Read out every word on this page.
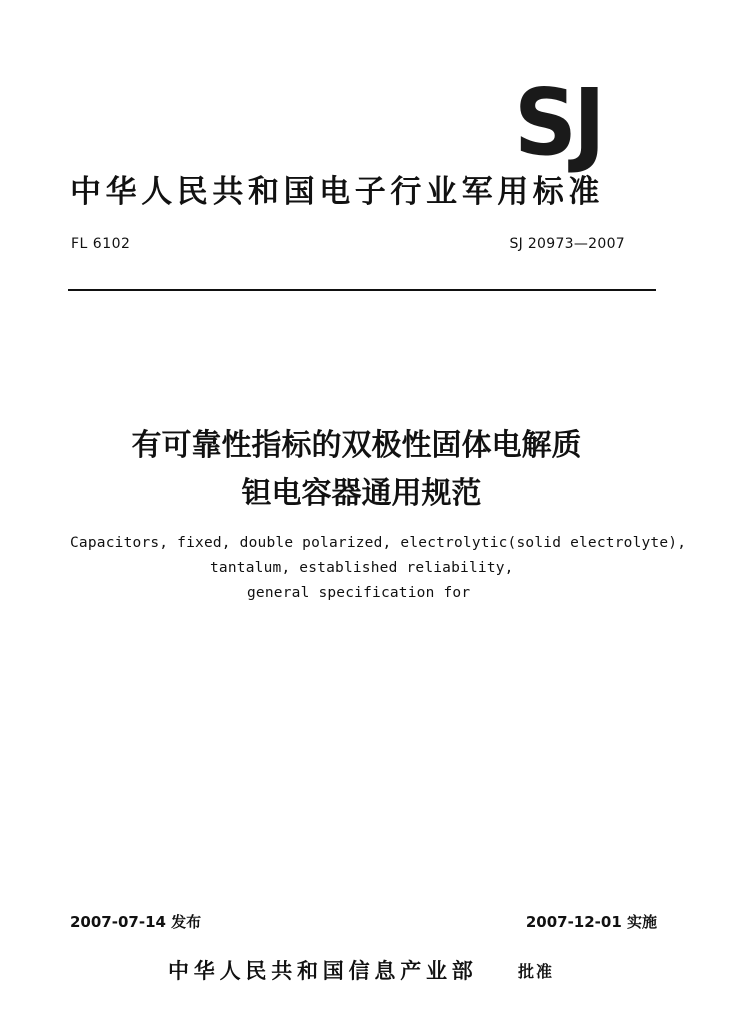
SJ
中华人民共和国电子行业军用标准
FL 6102	SJ 20973—2007
有可靠性指标的双极性固体电解质
钽电容器通用规范
Capacitors, fixed, double polarized, electrolytic(solid electrolyte),
tantalum, established reliability,
general specification for
2007-07-14 发布	2007-12-01 实施
中华人民共和国信息产业部	批准
